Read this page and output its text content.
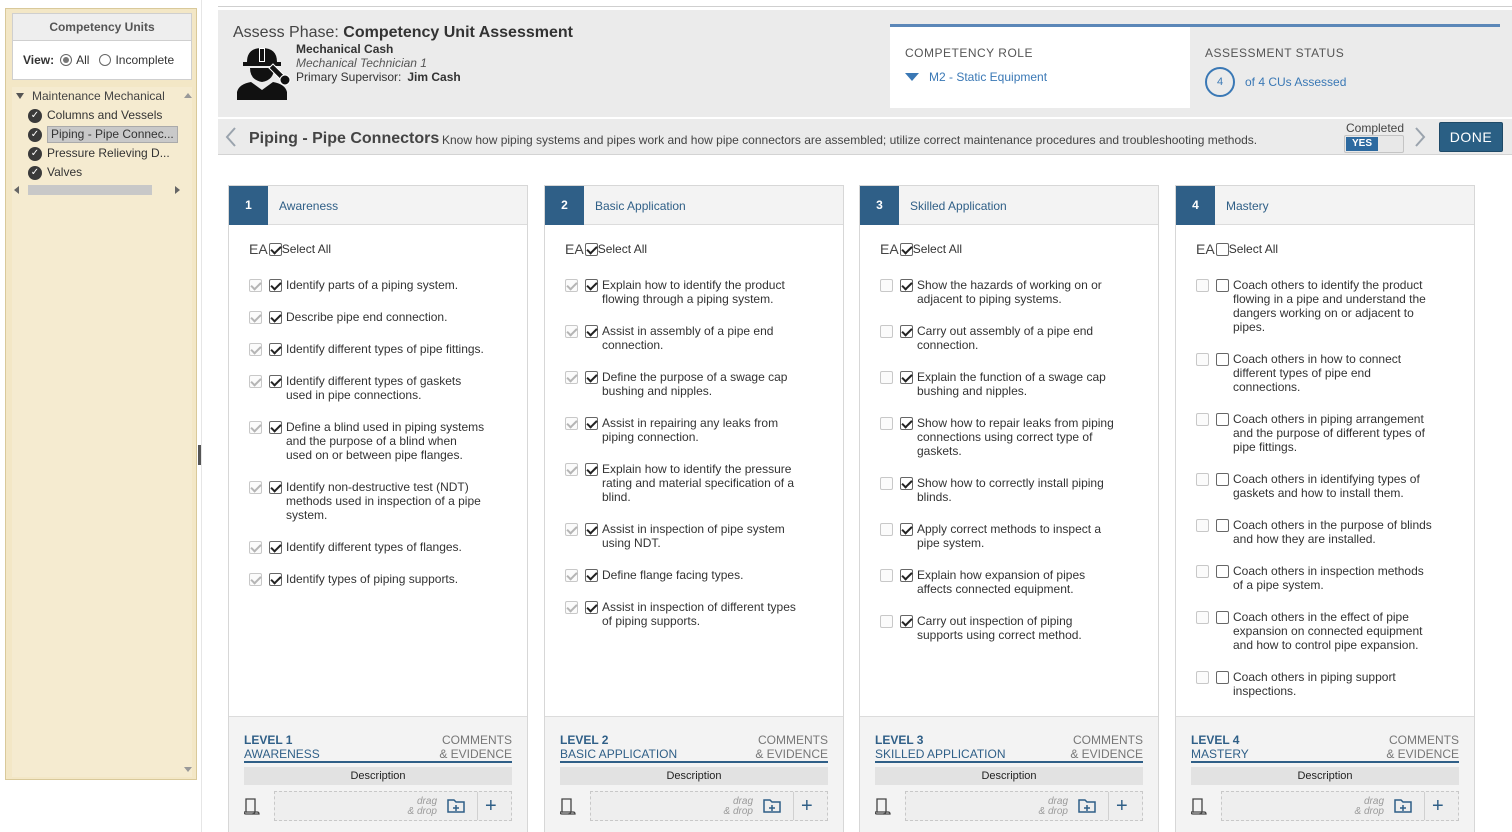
Competency Units
View: All Incomplete
Maintenance Mechanical
✓ Columns and Vessels
✓ Piping - Pipe Connec...
✓ Pressure Relieving D...
✓ Valves
Assess Phase: Competency Unit Assessment
Mechanical Cash
Mechanical Technician 1
Primary Supervisor: Jim Cash
COMPETENCY ROLE
M2 - Static Equipment
ASSESSMENT STATUS
4	of 4 CUs Assessed
Piping - Pipe Connectors Know how piping systems and pipes work and how pipe connectors are assembled; utilize correct maintenance procedures and troubleshooting methods.
Completed
YES	DONE
1	Awareness
EA Select All
Identify parts of a piping system.
Describe pipe end connection.
Identify different types of pipe fittings.
Identify different types of gaskets used in pipe connections.
Define a blind used in piping systems and the purpose of a blind when used on or between pipe flanges.
Identify non-destructive test (NDT) methods used in inspection of a pipe system.
Identify different types of flanges.
Identify types of piping supports.
LEVEL 1
AWARENESS
COMMENTS
& EVIDENCE
Description
drag
& drop +
2	Basic Application
EA Select All
Explain how to identify the product flowing through a piping system.
Assist in assembly of a pipe end connection.
Define the purpose of a swage cap bushing and nipples.
Assist in repairing any leaks from piping connection.
Explain how to identify the pressure rating and material specification of a blind.
Assist in inspection of pipe system using NDT.
Define flange facing types.
Assist in inspection of different types of piping supports.
LEVEL 2
BASIC APPLICATION
COMMENTS
& EVIDENCE
Description
drag
& drop +
3	Skilled Application
EA Select All
Show the hazards of working on or adjacent to piping systems.
Carry out assembly of a pipe end connection.
Explain the function of a swage cap bushing and nipples.
Show how to repair leaks from piping connections using correct type of gaskets.
Show how to correctly install piping blinds.
Apply correct methods to inspect a pipe system.
Explain how expansion of pipes affects connected equipment.
Carry out inspection of piping supports using correct method.
LEVEL 3
SKILLED APPLICATION
COMMENTS
& EVIDENCE
Description
drag
& drop +
4	Mastery
EA Select All
Coach others to identify the product flowing in a pipe and understand the dangers working on or adjacent to pipes.
Coach others in how to connect different types of pipe end connections.
Coach others in piping arrangement and the purpose of different types of pipe fittings.
Coach others in identifying types of gaskets and how to install them.
Coach others in the purpose of blinds and how they are installed.
Coach others in inspection methods of a pipe system.
Coach others in the effect of pipe expansion on connected equipment and how to control pipe expansion.
Coach others in piping support inspections.
LEVEL 4
MASTERY
COMMENTS
& EVIDENCE
Description
drag
& drop +
